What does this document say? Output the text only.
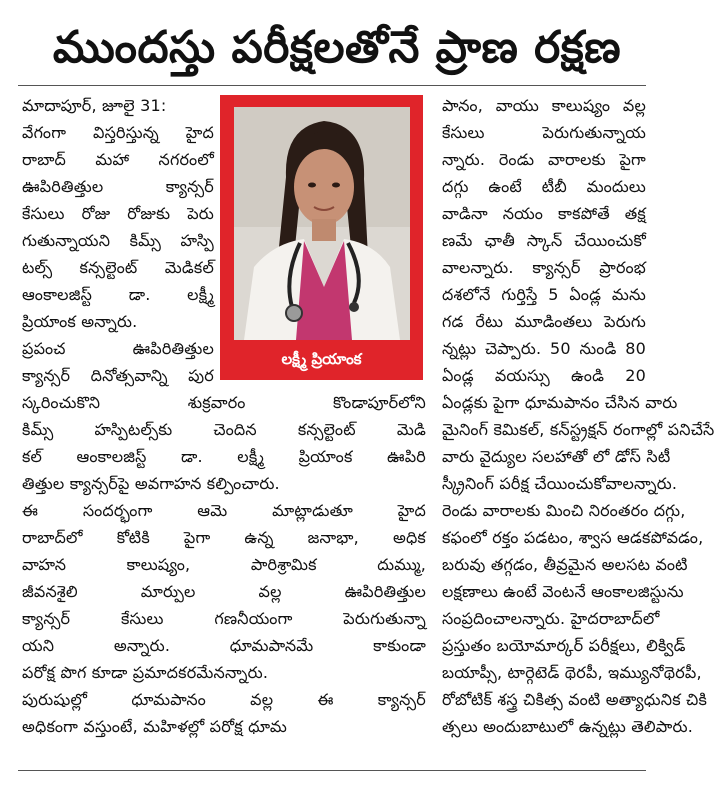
ముందస్తు పరీక్షలతోనే ప్రాణ రక్షణ

మాదాపూర్, జూలై 31:

వేగంగా విస్తరిస్తున్న హైద

రాబాద్ మహా నగరంలో

ఊపిరితిత్తుల క్యాన్సర్

కేసులు రోజు రోజుకు పెరు

గుతున్నాయని కిమ్స్ హస్పి

టల్స్ కన్సల్టెంట్ మెడికల్

ఆంకాలజిస్ట్ డా. లక్ష్మీ

ప్రియాంక అన్నారు.

ప్రపంచ ఊపిరితిత్తుల

క్యాన్సర్ దినోత్సవాన్ని పుర

లక్ష్మీ ప్రియాంక

పానం, వాయు కాలుష్యం వల్ల

కేసులు పెరుగుతున్నాయ

న్నారు. రెండు వారాలకు పైగా

దగ్గు ఉంటే టీబీ మందులు

వాడినా నయం కాకపోతే తక్ష

ణమే ఛాతీ స్కాన్ చేయించుకో

వాలన్నారు. క్యాన్సర్ ప్రారంభ

దశలోనే గుర్తిస్తే 5 ఏండ్ల మను

గడ రేటు మూడింతలు పెరుగు

న్నట్లు చెప్పారు. 50 నుండి 80

ఏండ్ల వయస్సు ఉండి 20

స్కరించుకొని శుక్రవారం కొండాపూర్‌లోని

కిమ్స్ హస్పిటల్స్‌కు చెందిన కన్సల్టెంట్ మెడి

కల్ ఆంకాలజిస్ట్ డా. లక్ష్మీ ప్రియాంక ఊపిరి

తిత్తుల క్యాన్సర్‌పై అవగాహన కల్పించారు.

ఈ సందర్భంగా ఆమె మాట్లాడుతూ హైద

రాబాద్‌లో కోటికి పైగా ఉన్న జనాభా, అధిక

వాహన కాలుష్యం, పారిశ్రామిక దుమ్ము,

జీవనశైలి మార్పుల వల్ల ఊపిరితిత్తుల

క్యాన్సర్ కేసులు గణనీయంగా పెరుగుతున్నా

యని అన్నారు. ధూమపానమే కాకుండా

పరోక్ష పొగ కూడా ప్రమాదకరమేనన్నారు.

పురుషుల్లో ధూమపానం వల్ల ఈ క్యాన్సర్

అధికంగా వస్తుంటే, మహిళల్లో పరోక్ష ధూమ

ఏండ్లకు పైగా ధూమపానం చేసిన వారు

మైనింగ్ కెమికల్, కన్‌స్ట్రక్షన్ రంగాల్లో పనిచేసే

వారు వైద్యుల సలహాతో లో డోస్ సిటీ

స్క్రీనింగ్ పరీక్ష చేయించుకోవాలన్నారు.

రెండు వారాలకు మించి నిరంతరం దగ్గు,

కఫంలో రక్తం పడటం, శ్వాస ఆడకపోవడం,

బరువు తగ్గడం, తీవ్రమైన అలసట వంటి

లక్షణాలు ఉంటే వెంటనే ఆంకాలజిస్టును

సంప్రదించాలన్నారు. హైదరాబాద్‌లో

ప్రస్తుతం బయోమార్కర్ పరీక్షలు, లిక్విడ్

బయాప్సీ, టార్గెటెడ్ థెరపీ, ఇమ్యునోథెరపీ,

రోబోటిక్ శస్త్ర చికిత్స వంటి అత్యాధునిక చికి

త్సలు అందుబాటులో ఉన్నట్లు తెలిపారు.
